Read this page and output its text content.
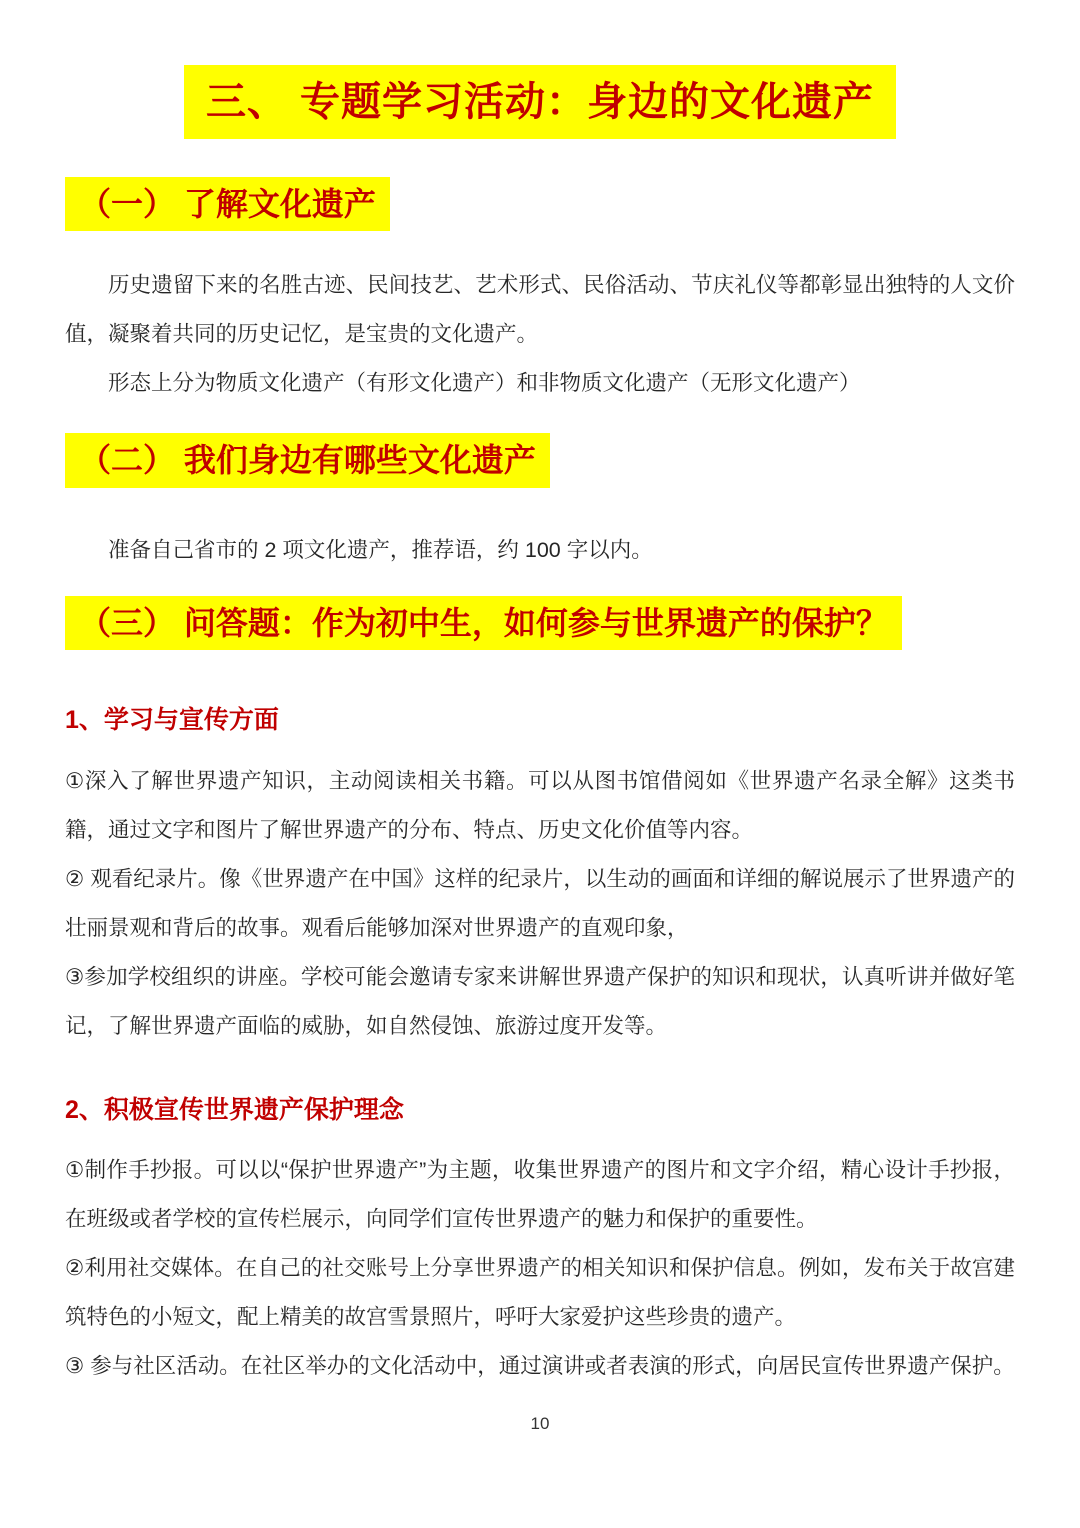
三、 专题学习活动：身边的文化遗产
（一） 了解文化遗产

历史遗留下来的名胜古迹、民间技艺、艺术形式、民俗活动、节庆礼仪等都彰显出独特的人文价值，凝聚着共同的历史记忆，是宝贵的文化遗产。

形态上分为物质文化遗产（有形文化遗产）和非物质文化遗产（无形文化遗产）

（二） 我们身边有哪些文化遗产

准备自己省市的 2 项文化遗产，推荐语，约 100 字以内。

（三） 问答题：作为初中生，如何参与世界遗产的保护？
1、学习与宣传方面

①深入了解世界遗产知识，主动阅读相关书籍。可以从图书馆借阅如《世界遗产名录全解》这类书籍，通过文字和图片了解世界遗产的分布、特点、历史文化价值等内容。

② 观看纪录片。像《世界遗产在中国》这样的纪录片，以生动的画面和详细的解说展示了世界遗产的壮丽景观和背后的故事。观看后能够加深对世界遗产的直观印象，

③参加学校组织的讲座。学校可能会邀请专家来讲解世界遗产保护的知识和现状，认真听讲并做好笔记，了解世界遗产面临的威胁，如自然侵蚀、旅游过度开发等。

2、积极宣传世界遗产保护理念

①制作手抄报。可以以“保护世界遗产”为主题，收集世界遗产的图片和文字介绍，精心设计手抄报，在班级或者学校的宣传栏展示，向同学们宣传世界遗产的魅力和保护的重要性。

②利用社交媒体。在自己的社交账号上分享世界遗产的相关知识和保护信息。例如，发布关于故宫建筑特色的小短文，配上精美的故宫雪景照片，呼吁大家爱护这些珍贵的遗产。

③ 参与社区活动。在社区举办的文化活动中，通过演讲或者表演的形式，向居民宣传世界遗产保护。

10
